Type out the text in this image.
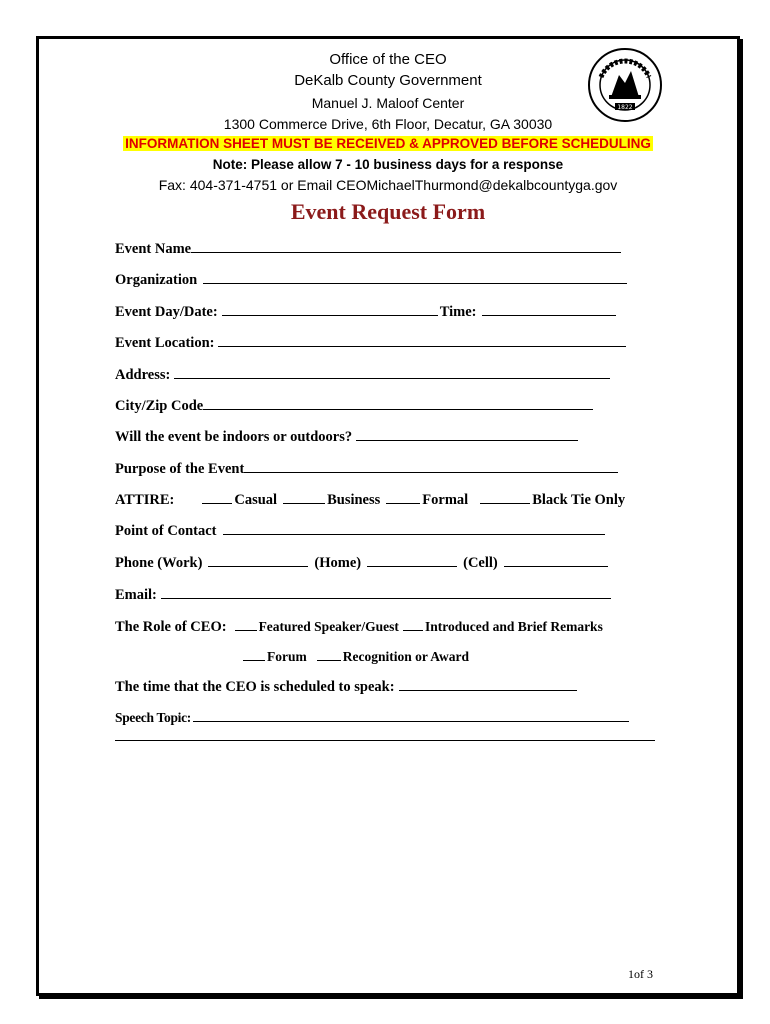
Office of the CEO
DeKalb County Government
Manuel J. Maloof Center
1300 Commerce Drive, 6th Floor, Decatur, GA 30030
INFORMATION SHEET MUST BE RECEIVED & APPROVED BEFORE SCHEDULING
Note: Please allow 7 - 10 business days for a response
Fax: 404-371-4751 or Email CEOMichaelThurmond@dekalbcountyga.gov
1822
Event Request Form
Event Name
Organization
Event Day/Date:	Time:
Event Location:
Address:
City/Zip Code
Will the event be indoors or outdoors?
Purpose of the Event
ATTIRE:	Casual	Business	Formal	Black Tie Only
Point of Contact
Phone (Work)	(Home)	(Cell)
Email:
The Role of CEO: Featured Speaker/Guest Introduced and Brief Remarks
Forum	Recognition or Award
The time that the CEO is scheduled to speak:
Speech Topic:
1of 3
